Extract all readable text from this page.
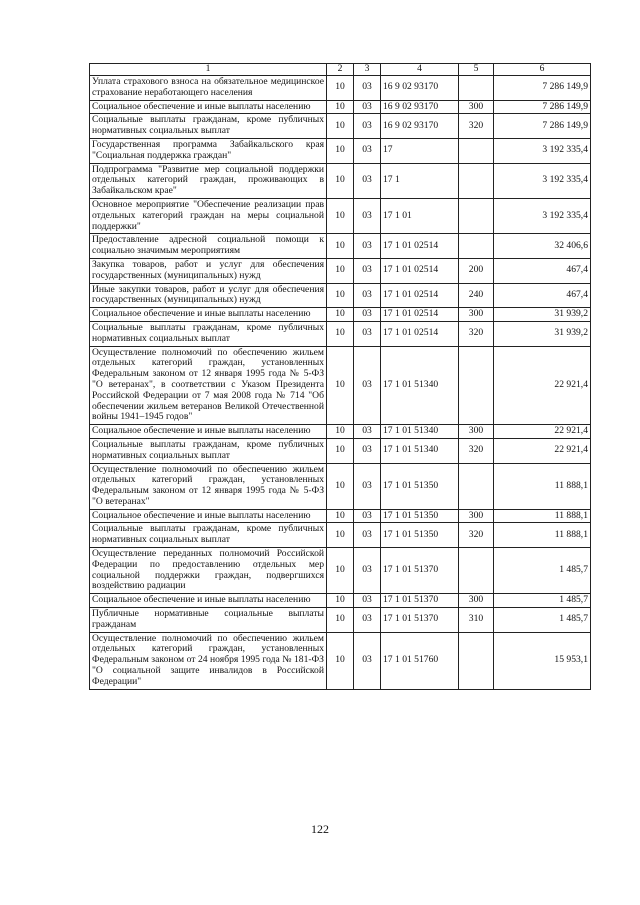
1	2	3	4	5	6
Уплата страхового взноса на обязательное медицинское страхование неработающего населения	10	03	16 9 02 93170		7 286 149,9
Социальное обеспечение и иные выплаты населению	10	03	16 9 02 93170	300	7 286 149,9
Социальные выплаты гражданам, кроме публичных нормативных социальных выплат	10	03	16 9 02 93170	320	7 286 149,9
Государственная программа Забайкальского края "Социальная поддержка граждан"	10	03	17		3 192 335,4
Подпрограмма "Развитие мер социальной поддержки отдельных категорий граждан, проживающих в Забайкальском крае"	10	03	17 1		3 192 335,4
Основное мероприятие "Обеспечение реализации прав отдельных категорий граждан на меры социальной поддержки"	10	03	17 1 01		3 192 335,4
Предоставление адресной социальной помощи к социально значимым мероприятиям	10	03	17 1 01 02514		32 406,6
Закупка товаров, работ и услуг для обеспечения государственных (муниципальных) нужд	10	03	17 1 01 02514	200	467,4
Иные закупки товаров, работ и услуг для обеспечения государственных (муниципальных) нужд	10	03	17 1 01 02514	240	467,4
Социальное обеспечение и иные выплаты населению	10	03	17 1 01 02514	300	31 939,2
Социальные выплаты гражданам, кроме публичных нормативных социальных выплат	10	03	17 1 01 02514	320	31 939,2
Осуществление полномочий по обеспечению жильем отдельных категорий граждан, установленных Федеральным законом от 12 января 1995 года № 5-ФЗ "О ветеранах", в соответствии с Указом Президента Российской Федерации от 7 мая 2008 года № 714 "Об обеспечении жильем ветеранов Великой Отечественной войны 1941–1945 годов"	10	03	17 1 01 51340		22 921,4
Социальное обеспечение и иные выплаты населению	10	03	17 1 01 51340	300	22 921,4
Социальные выплаты гражданам, кроме публичных нормативных социальных выплат	10	03	17 1 01 51340	320	22 921,4
Осуществление полномочий по обеспечению жильем отдельных категорий граждан, установленных Федеральным законом от 12 января 1995 года № 5-ФЗ "О ветеранах"	10	03	17 1 01 51350		11 888,1
Социальное обеспечение и иные выплаты населению	10	03	17 1 01 51350	300	11 888,1
Социальные выплаты гражданам, кроме публичных нормативных социальных выплат	10	03	17 1 01 51350	320	11 888,1
Осуществление переданных полномочий Российской Федерации по предоставлению отдельных мер социальной поддержки граждан, подвергшихся воздействию радиации	10	03	17 1 01 51370		1 485,7
Социальное обеспечение и иные выплаты населению	10	03	17 1 01 51370	300	1 485,7
Публичные нормативные социальные выплаты гражданам	10	03	17 1 01 51370	310	1 485,7
Осуществление полномочий по обеспечению жильем отдельных категорий граждан, установленных Федеральным законом от 24 ноября 1995 года № 181-ФЗ "О социальной защите инвалидов в Российской Федерации"	10	03	17 1 01 51760		15 953,1
122
